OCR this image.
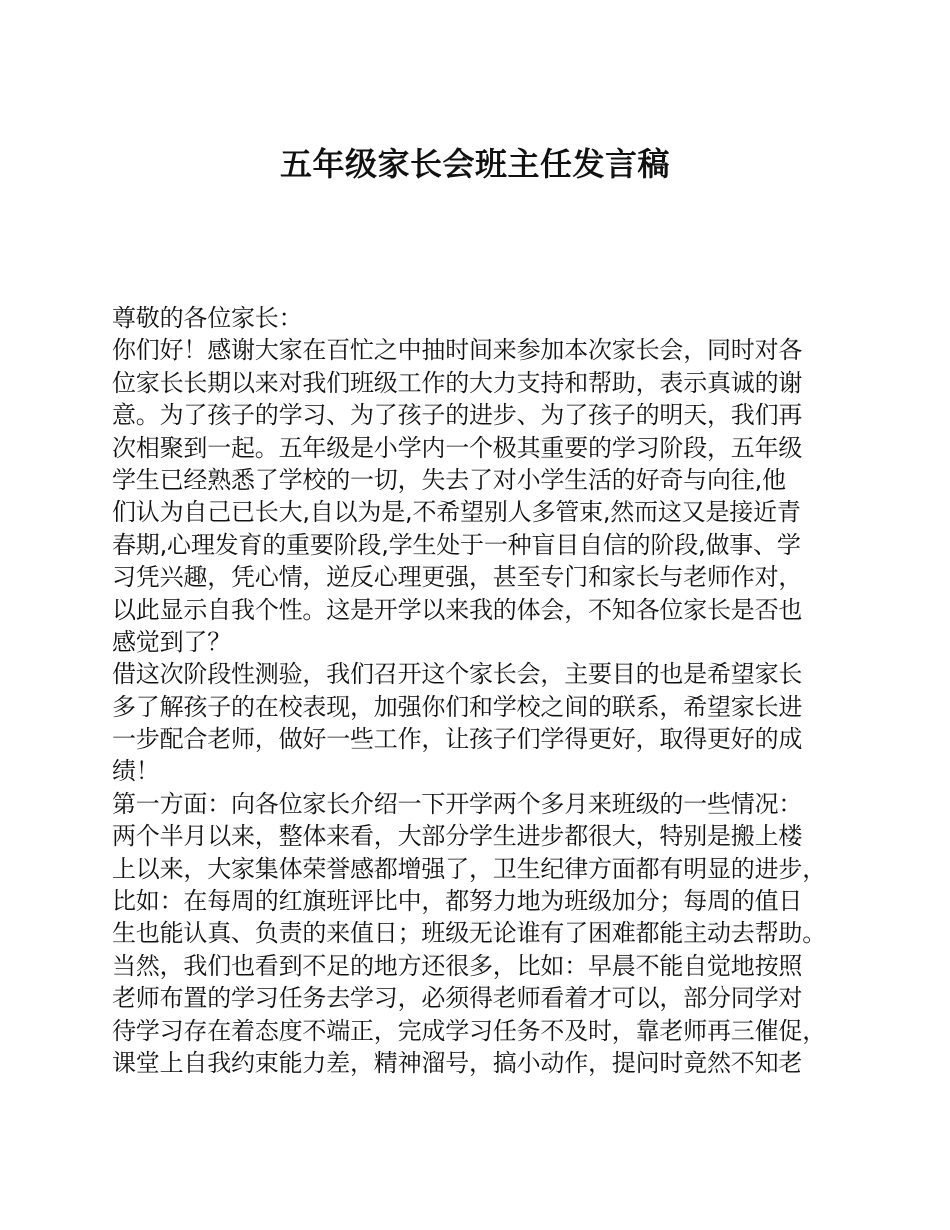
五年级家长会班主任发言稿
尊敬的各位家长：
你们好！感谢大家在百忙之中抽时间来参加本次家长会，同时对各
位家长长期以来对我们班级工作的大力支持和帮助，表示真诚的谢
意。为了孩子的学习、为了孩子的进步、为了孩子的明天，我们再
次相聚到一起。五年级是小学内一个极其重要的学习阶段，五年级
学生已经熟悉了学校的一切，失去了对小学生活的好奇与向往,他
们认为自己已长大,自以为是,不希望别人多管束,然而这又是接近青
春期,心理发育的重要阶段,学生处于一种盲目自信的阶段,做事、学
习凭兴趣，凭心情，逆反心理更强，甚至专门和家长与老师作对，
以此显示自我个性。这是开学以来我的体会，不知各位家长是否也
感觉到了？
借这次阶段性测验，我们召开这个家长会，主要目的也是希望家长
多了解孩子的在校表现，加强你们和学校之间的联系，希望家长进
一步配合老师，做好一些工作，让孩子们学得更好，取得更好的成
绩！
第一方面：向各位家长介绍一下开学两个多月来班级的一些情况：
两个半月以来，整体来看，大部分学生进步都很大，特别是搬上楼
上以来，大家集体荣誉感都增强了，卫生纪律方面都有明显的进步，
比如：在每周的红旗班评比中，都努力地为班级加分；每周的值日
生也能认真、负责的来值日；班级无论谁有了困难都能主动去帮助。
当然，我们也看到不足的地方还很多，比如：早晨不能自觉地按照
老师布置的学习任务去学习，必须得老师看着才可以，部分同学对
待学习存在着态度不端正，完成学习任务不及时，靠老师再三催促，
课堂上自我约束能力差，精神溜号，搞小动作，提问时竟然不知老
